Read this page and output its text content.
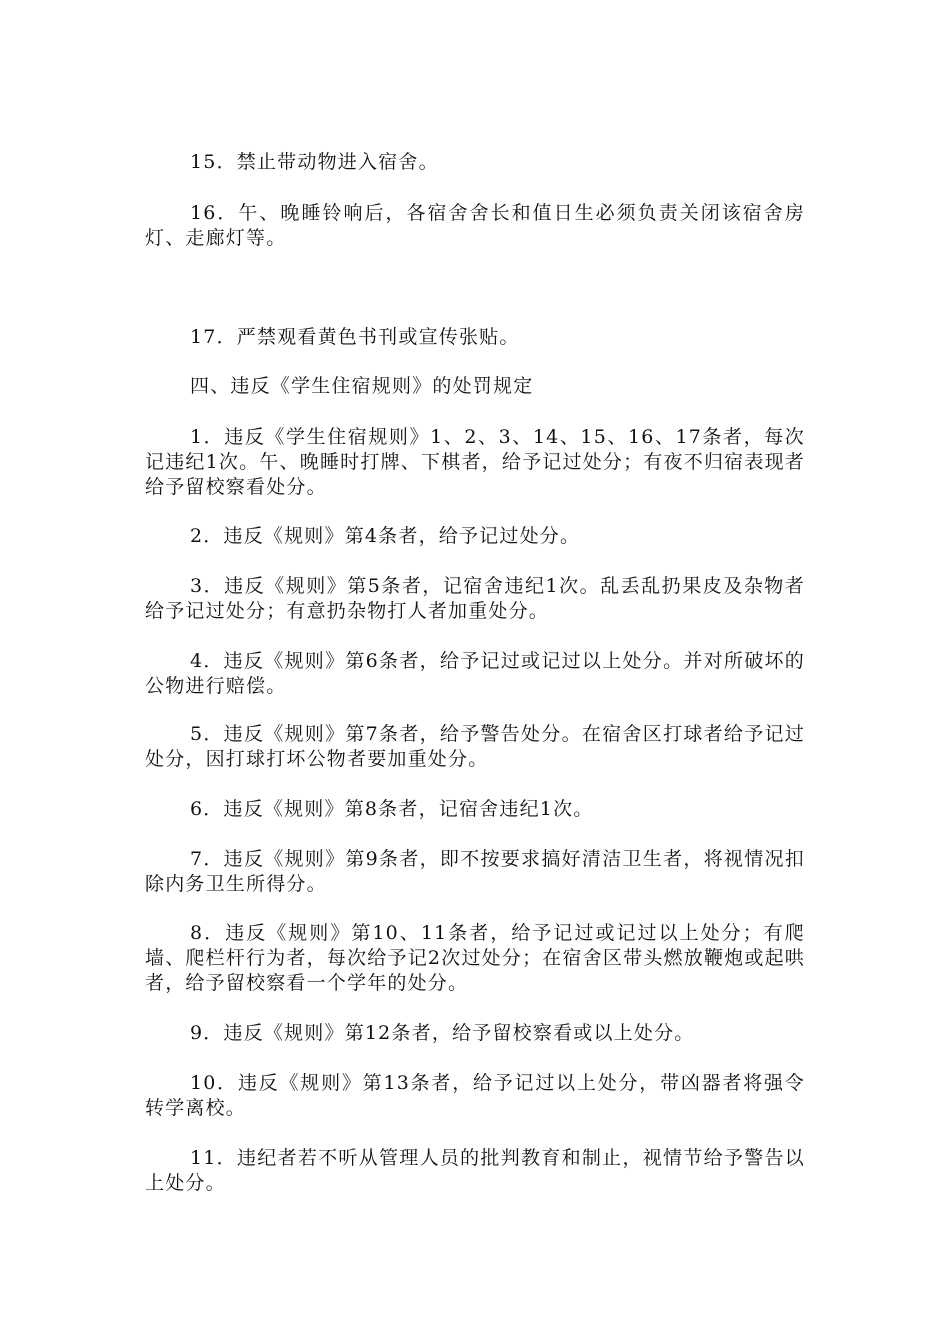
15．禁止带动物进入宿舍。

16．午、晚睡铃响后，各宿舍舍长和值日生必须负责关闭该宿舍房灯、走廊灯等。

17．严禁观看黄色书刊或宣传张贴。

四、违反《学生住宿规则》的处罚规定

1．违反《学生住宿规则》1、2、3、14、15、16、17条者，每次记违纪1次。午、晚睡时打牌、下棋者，给予记过处分；有夜不归宿表现者给予留校察看处分。

2．违反《规则》第4条者，给予记过处分。

3．违反《规则》第5条者，记宿舍违纪1次。乱丢乱扔果皮及杂物者给予记过处分；有意扔杂物打人者加重处分。

4．违反《规则》第6条者，给予记过或记过以上处分。并对所破坏的公物进行赔偿。

5．违反《规则》第7条者，给予警告处分。在宿舍区打球者给予记过处分，因打球打坏公物者要加重处分。

6．违反《规则》第8条者，记宿舍违纪1次。

7．违反《规则》第9条者，即不按要求搞好清洁卫生者，将视情况扣除内务卫生所得分。

8．违反《规则》第10、11条者，给予记过或记过以上处分；有爬墙、爬栏杆行为者，每次给予记2次过处分；在宿舍区带头燃放鞭炮或起哄者，给予留校察看一个学年的处分。

9．违反《规则》第12条者，给予留校察看或以上处分。

10．违反《规则》第13条者，给予记过以上处分，带凶器者将强令转学离校。

11．违纪者若不听从管理人员的批判教育和制止，视情节给予警告以上处分。
